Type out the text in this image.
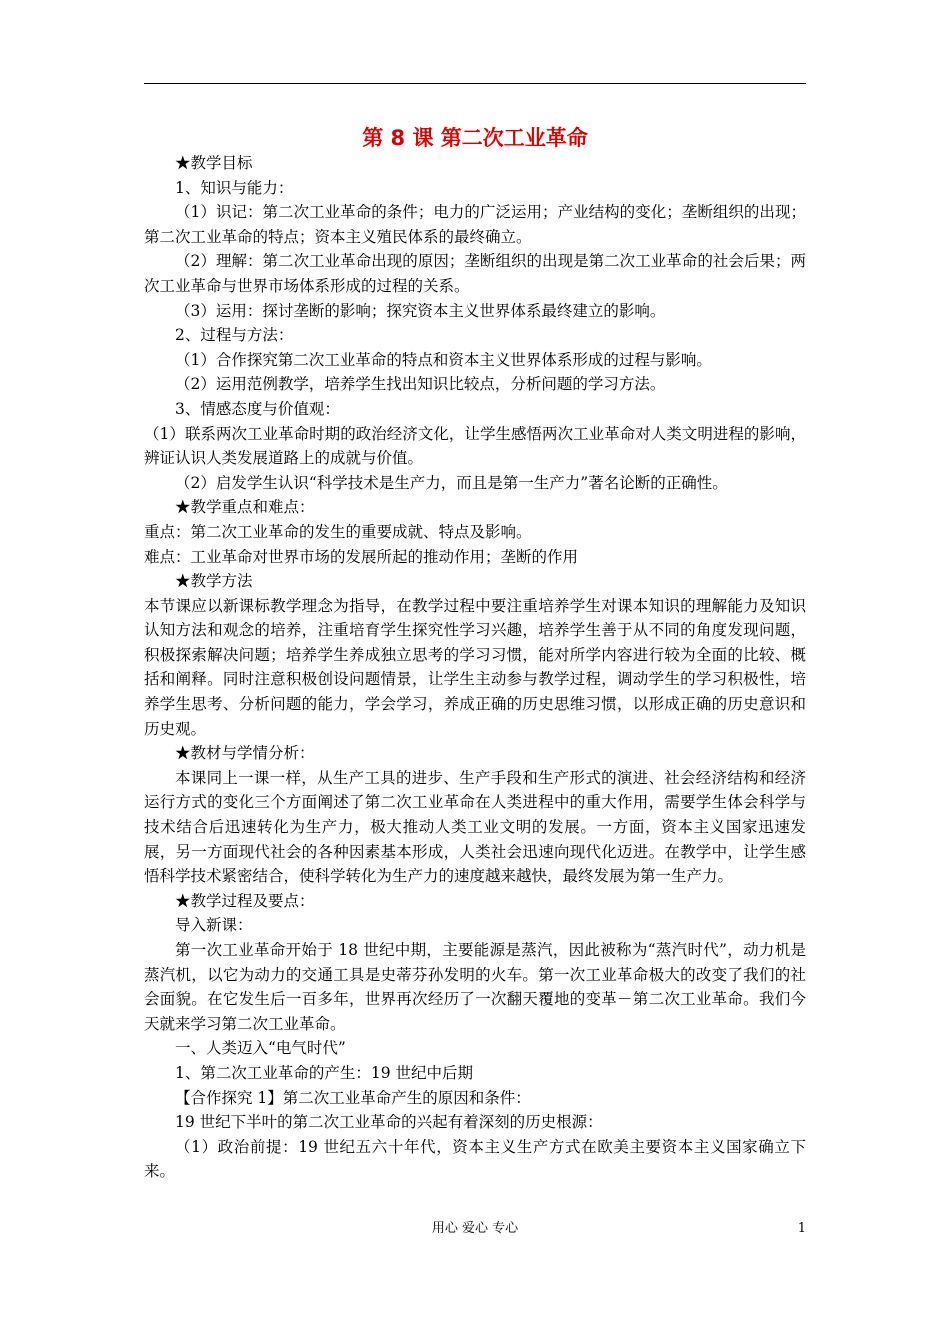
第 8 课 第二次工业革命

★教学目标

1、知识与能力：

（1）识记：第二次工业革命的条件；电力的广泛运用；产业结构的变化；垄断组织的出现；第二次工业革命的特点；资本主义殖民体系的最终确立。

（2）理解：第二次工业革命出现的原因；垄断组织的出现是第二次工业革命的社会后果；两次工业革命与世界市场体系形成的过程的关系。

（3）运用：探讨垄断的影响；探究资本主义世界体系最终建立的影响。

2、过程与方法：

（1）合作探究第二次工业革命的特点和资本主义世界体系形成的过程与影响。

（2）运用范例教学，培养学生找出知识比较点，分析问题的学习方法。

3、情感态度与价值观：

（1）联系两次工业革命时期的政治经济文化，让学生感悟两次工业革命对人类文明进程的影响，辨证认识人类发展道路上的成就与价值。

（2）启发学生认识“科学技术是生产力，而且是第一生产力”著名论断的正确性。

★教学重点和难点：

重点：第二次工业革命的发生的重要成就、特点及影响。

难点：工业革命对世界市场的发展所起的推动作用；垄断的作用

★教学方法

本节课应以新课标教学理念为指导，在教学过程中要注重培养学生对课本知识的理解能力及知识认知方法和观念的培养，注重培育学生探究性学习兴趣，培养学生善于从不同的角度发现问题，积极探索解决问题；培养学生养成独立思考的学习习惯，能对所学内容进行较为全面的比较、概括和阐释。同时注意积极创设问题情景，让学生主动参与教学过程，调动学生的学习积极性，培养学生思考、分析问题的能力，学会学习，养成正确的历史思维习惯，以形成正确的历史意识和历史观。

★教材与学情分析：

本课同上一课一样，从生产工具的进步、生产手段和生产形式的演进、社会经济结构和经济运行方式的变化三个方面阐述了第二次工业革命在人类进程中的重大作用，需要学生体会科学与技术结合后迅速转化为生产力，极大推动人类工业文明的发展。一方面，资本主义国家迅速发展，另一方面现代社会的各种因素基本形成，人类社会迅速向现代化迈进。在教学中，让学生感悟科学技术紧密结合，使科学转化为生产力的速度越来越快，最终发展为第一生产力。

★教学过程及要点：

导入新课：

第一次工业革命开始于 18 世纪中期，主要能源是蒸汽，因此被称为“蒸汽时代”，动力机是蒸汽机，以它为动力的交通工具是史蒂芬孙发明的火车。第一次工业革命极大的改变了我们的社会面貌。在它发生后一百多年，世界再次经历了一次翻天覆地的变革－第二次工业革命。我们今天就来学习第二次工业革命。

一、人类迈入“电气时代”

1、第二次工业革命的产生：19 世纪中后期

【合作探究 1】第二次工业革命产生的原因和条件：

19 世纪下半叶的第二次工业革命的兴起有着深刻的历史根源：

（1）政治前提：19 世纪五六十年代，资本主义生产方式在欧美主要资本主义国家确立下来。

用心 爱心 专心	1
